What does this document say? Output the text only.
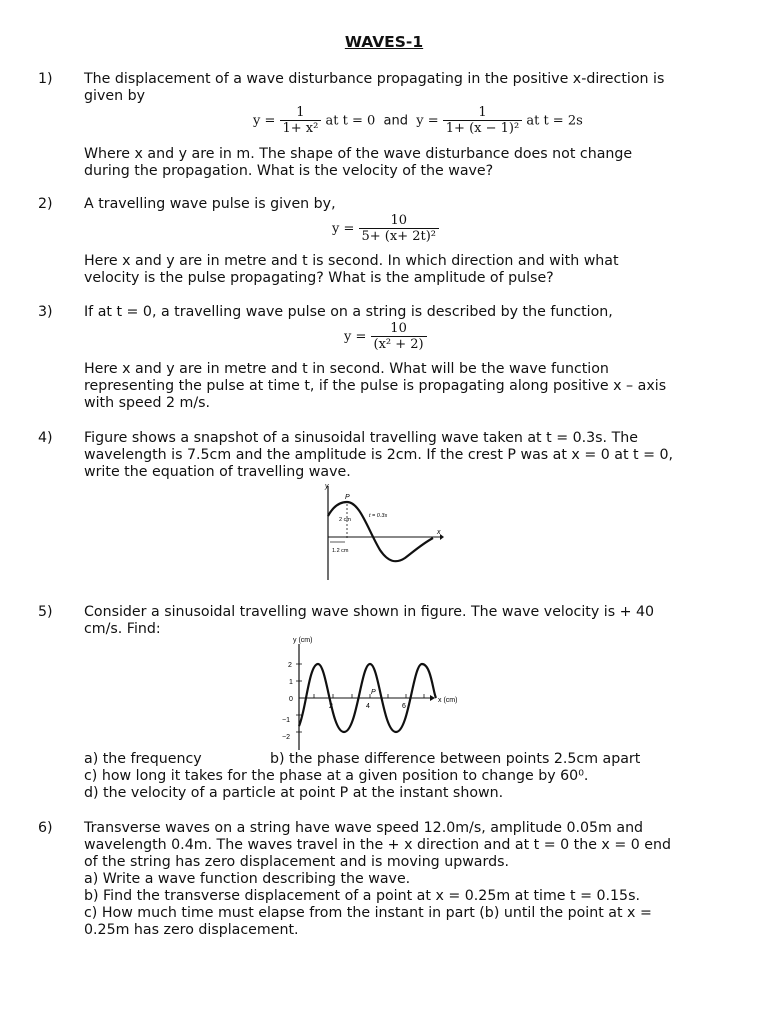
WAVES-1
1) The displacement of a wave disturbance propagating in the positive x-direction is
given by
$y = \frac{1}{\text{1+ x²}}$ at t = 0 and $y = \frac{1}{\text{1+ (x − 1)²}}$ at t = 2s
Where x and y are in m. The shape of the wave disturbance does not change
during the propagation. What is the velocity of the wave?
2) A travelling wave pulse is given by,
$y = \frac{10}{\text{5+ (x+ 2t)²}}$
Here x and y are in metre and t is second. In which direction and with what
velocity is the pulse propagating? What is the amplitude of pulse?
3) If at t = 0, a travelling wave pulse on a string is described by the function,
$y = \frac{10}{\text{(x² + 2)}}$
Here x and y are in metre and t in second. What will be the wave function
representing the pulse at time t, if the pulse is propagating along positive x – axis
with speed 2 m/s.
4) Figure shows a snapshot of a sinusoidal travelling wave taken at t = 0.3s. The
wavelength is 7.5cm and the amplitude is 2cm. If the crest P was at x = 0 at t = 0,
write the equation of travelling wave.
y
x
P
2 cm
t = 0.3s
1.2 cm
5) Consider a sinusoidal travelling wave shown in figure. The wave velocity is + 40
cm/s. Find:
y (cm)
2
1
0
−1
−2
x (cm)
2	4	6
P
a) the frequency	b) the phase difference between points 2.5cm apart
c) how long it takes for the phase at a given position to change by 60⁰.
d) the velocity of a particle at point P at the instant shown.
6) Transverse waves on a string have wave speed 12.0m/s, amplitude 0.05m and
wavelength 0.4m. The waves travel in the + x direction and at t = 0 the x = 0 end
of the string has zero displacement and is moving upwards.
a) Write a wave function describing the wave.
b) Find the transverse displacement of a point at x = 0.25m at time t = 0.15s.
c) How much time must elapse from the instant in part (b) until the point at x =
0.25m has zero displacement.
